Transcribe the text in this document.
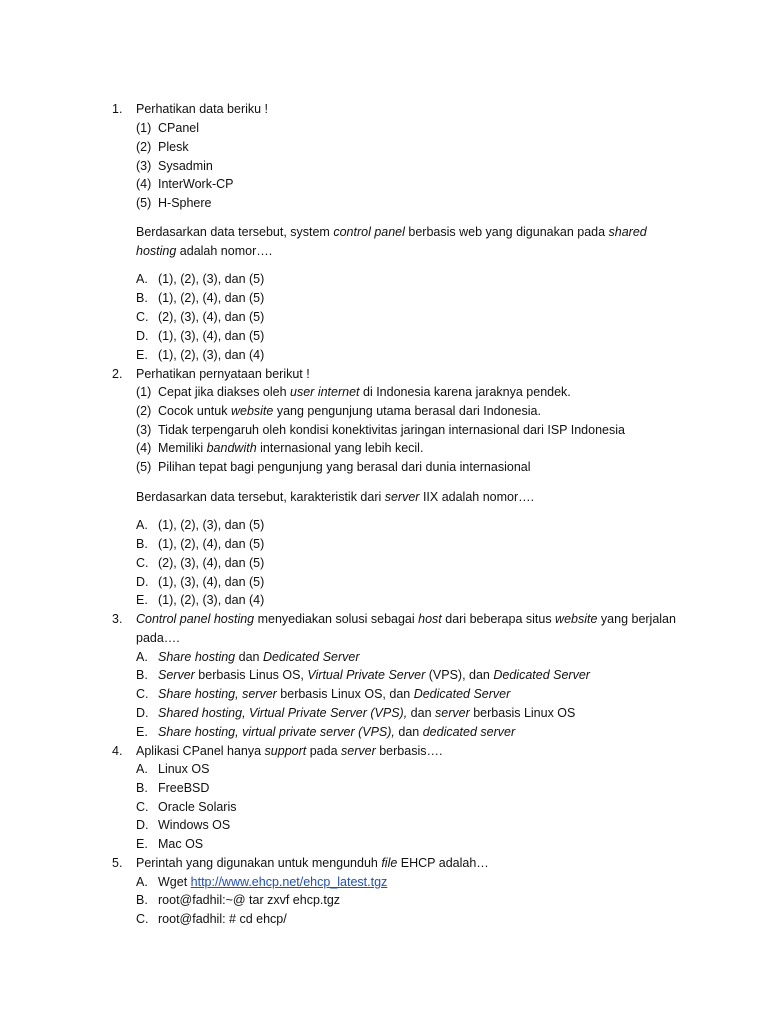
1. Perhatikan data beriku !
(1) CPanel
(2) Plesk
(3) Sysadmin
(4) InterWork-CP
(5) H-Sphere
Berdasarkan data tersebut, system control panel berbasis web yang digunakan pada shared
hosting adalah nomor….
A. (1), (2), (3), dan (5)
B. (1), (2), (4), dan (5)
C. (2), (3), (4), dan (5)
D. (1), (3), (4), dan (5)
E. (1), (2), (3), dan (4)
2. Perhatikan pernyataan berikut !
(1) Cepat jika diakses oleh user internet di Indonesia karena jaraknya pendek.
(2) Cocok untuk website yang pengunjung utama berasal dari Indonesia.
(3) Tidak terpengaruh oleh kondisi konektivitas jaringan internasional dari ISP Indonesia
(4) Memiliki bandwith internasional yang lebih kecil.
(5) Pilihan tepat bagi pengunjung yang berasal dari dunia internasional
Berdasarkan data tersebut, karakteristik dari server IIX adalah nomor….
A. (1), (2), (3), dan (5)
B. (1), (2), (4), dan (5)
C. (2), (3), (4), dan (5)
D. (1), (3), (4), dan (5)
E. (1), (2), (3), dan (4)
3. Control panel hosting menyediakan solusi sebagai host dari beberapa situs website yang berjalan
pada….
A. Share hosting dan Dedicated Server
B. Server berbasis Linus OS, Virtual Private Server (VPS), dan Dedicated Server
C. Share hosting, server berbasis Linux OS, dan Dedicated Server
D. Shared hosting, Virtual Private Server (VPS), dan server berbasis Linux OS
E. Share hosting, virtual private server (VPS), dan dedicated server
4. Aplikasi CPanel hanya support pada server berbasis….
A. Linux OS
B. FreeBSD
C. Oracle Solaris
D. Windows OS
E. Mac OS
5. Perintah yang digunakan untuk mengunduh file EHCP adalah…
A. Wget http://www.ehcp.net/ehcp_latest.tgz
B. root@fadhil:~@ tar zxvf ehcp.tgz
C. root@fadhil: # cd ehcp/
